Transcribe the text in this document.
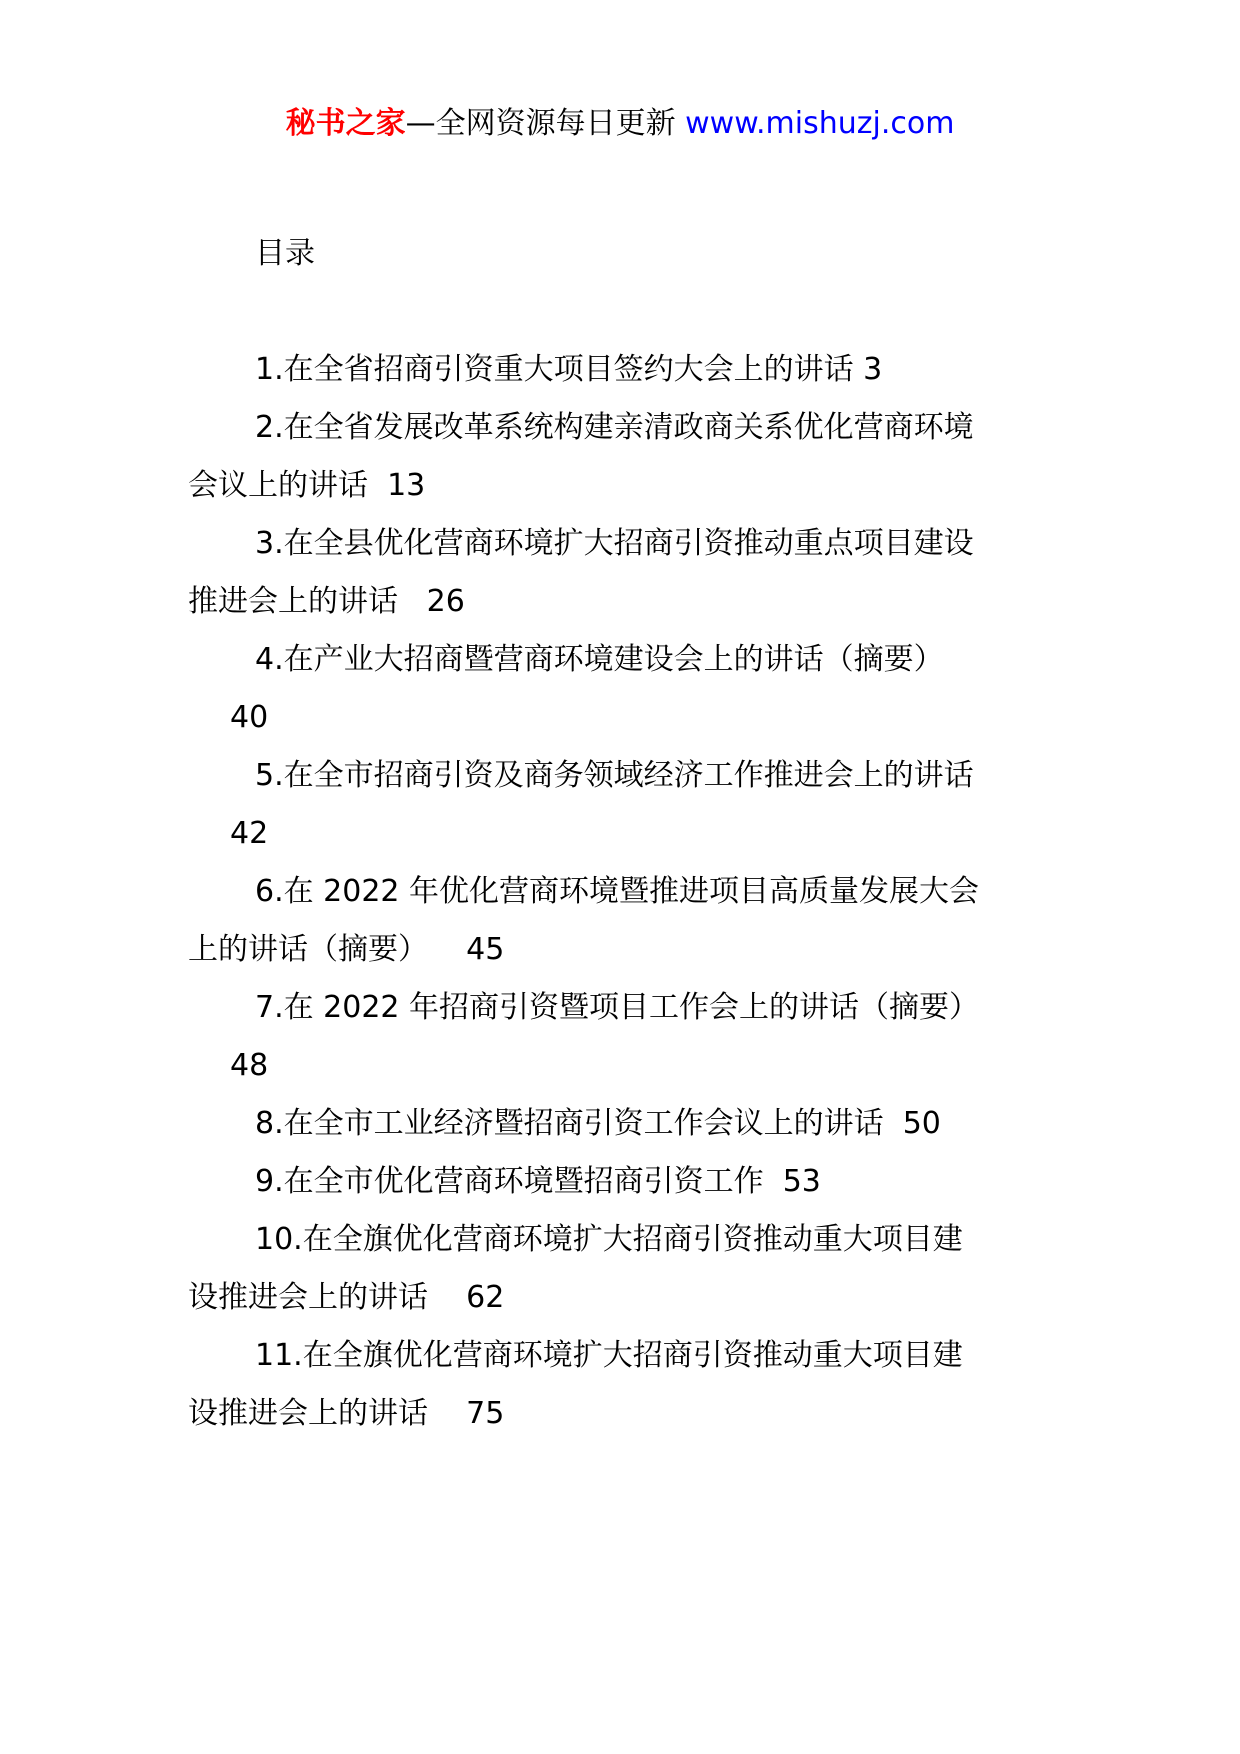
秘书之家—全网资源每日更新 www.mishuzj.com
目录
1.在全省招商引资重大项目签约大会上的讲话 3
2.在全省发展改革系统构建亲清政商关系优化营商环境
会议上的讲话  13
3.在全县优化营商环境扩大招商引资推动重点项目建设
推进会上的讲话   26
4.在产业大招商暨营商环境建设会上的讲话（摘要）
40
5.在全市招商引资及商务领域经济工作推进会上的讲话
42
6.在 2022 年优化营商环境暨推进项目高质量发展大会
上的讲话（摘要）    45
7.在 2022 年招商引资暨项目工作会上的讲话（摘要）
48
8.在全市工业经济暨招商引资工作会议上的讲话  50
9.在全市优化营商环境暨招商引资工作  53
10.在全旗优化营商环境扩大招商引资推动重大项目建
设推进会上的讲话    62
11.在全旗优化营商环境扩大招商引资推动重大项目建
设推进会上的讲话    75
